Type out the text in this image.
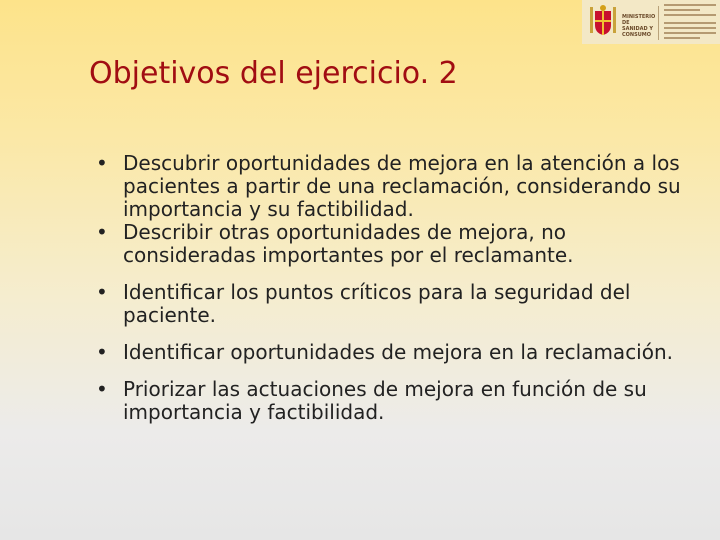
MINISTERIO DE SANIDAD Y CONSUMO
Objetivos del ejercicio. 2
• Descubrir oportunidades de mejora en la atención a los pacientes a partir de una reclamación, considerando su importancia y su factibilidad.
• Describir otras oportunidades de mejora, no consideradas importantes por el reclamante.
• Identificar los puntos críticos para la seguridad del paciente.
• Identificar oportunidades de mejora en la reclamación.
• Priorizar las actuaciones de mejora en función de su importancia y factibilidad.
